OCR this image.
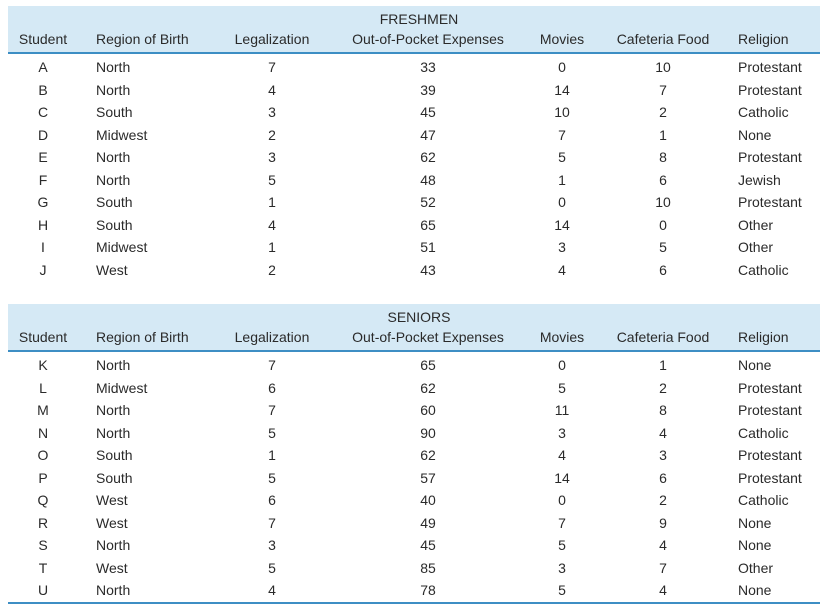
FRESHMEN
Student	Region of Birth	Legalization	Out-of-Pocket Expenses	Movies	Cafeteria Food	Religion
A	North	7	33	0	10	Protestant
B	North	4	39	14	7	Protestant
C	South	3	45	10	2	Catholic
D	Midwest	2	47	7	1	None
E	North	3	62	5	8	Protestant
F	North	5	48	1	6	Jewish
G	South	1	52	0	10	Protestant
H	South	4	65	14	0	Other
I	Midwest	1	51	3	5	Other
J	West	2	43	4	6	Catholic
SENIORS
Student	Region of Birth	Legalization	Out-of-Pocket Expenses	Movies	Cafeteria Food	Religion
K	North	7	65	0	1	None
L	Midwest	6	62	5	2	Protestant
M	North	7	60	11	8	Protestant
N	North	5	90	3	4	Catholic
O	South	1	62	4	3	Protestant
P	South	5	57	14	6	Protestant
Q	West	6	40	0	2	Catholic
R	West	7	49	7	9	None
S	North	3	45	5	4	None
T	West	5	85	3	7	Other
U	North	4	78	5	4	None
